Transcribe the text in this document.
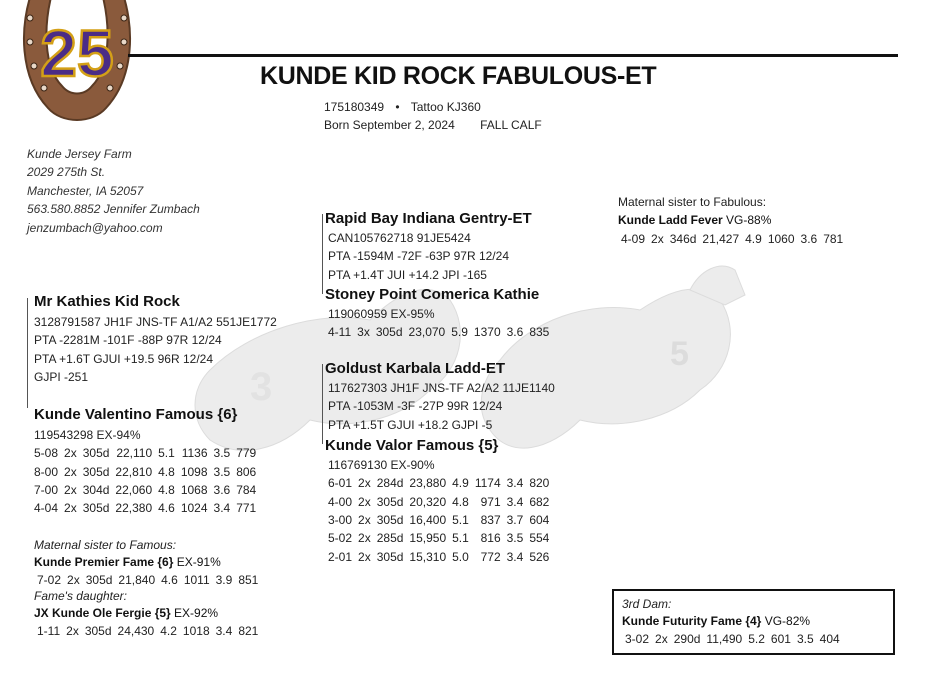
25
3
5
KUNDE KID ROCK FABULOUS-ET
175180349 • Tattoo KJ360
Born September 2, 2024 FALL CALF
Kunde Jersey Farm
2029 275th St.
Manchester, IA 52057
563.580.8852 Jennifer Zumbach
jenzumbach@yahoo.com
Mr Kathies Kid Rock
3128791587 JH1F JNS-TF A1/A2 551JE1772
PTA -2281M -101F -88P 97R 12/24
PTA +1.6T GJUI +19.5 96R 12/24
GJPI -251
Kunde Valentino Famous {6}
119543298 EX-94%
5-08	2x	305d	22,110	5.1	1136	3.5	779
8-00	2x	305d	22,810	4.8	1098	3.5	806
7-00	2x	304d	22,060	4.8	1068	3.6	784
4-04	2x	305d	22,380	4.6	1024	3.4	771
Maternal sister to Famous:
Kunde Premier Fame {6} EX-91%
7-02	2x	305d	21,840	4.6	1011	3.9	851
Fame's daughter:
JX Kunde Ole Fergie {5} EX-92%
1-11	2x	305d	24,430	4.2	1018	3.4	821
Rapid Bay Indiana Gentry-ET
CAN105762718 91JE5424
PTA -1594M -72F -63P 97R 12/24
PTA +1.4T JUI +14.2 JPI -165
Stoney Point Comerica Kathie
119060959 EX-95%
4-11	3x	305d	23,070	5.9	1370	3.6	835
Goldust Karbala Ladd-ET
117627303 JH1F JNS-TF A2/A2 11JE1140
PTA -1053M -3F -27P 99R 12/24
PTA +1.5T GJUI +18.2 GJPI -5
Kunde Valor Famous {5}
116769130 EX-90%
6-01	2x	284d	23,880	4.9	1174	3.4	820
4-00	2x	305d	20,320	4.8	971	3.4	682
3-00	2x	305d	16,400	5.1	837	3.7	604
5-02	2x	285d	15,950	5.1	816	3.5	554
2-01	2x	305d	15,310	5.0	772	3.4	526
Maternal sister to Fabulous:
Kunde Ladd Fever VG-88%
4-09	2x	346d	21,427	4.9	1060	3.6	781
3rd Dam:
Kunde Futurity Fame {4} VG-82%
3-02	2x	290d	11,490	5.2	601	3.5	404
